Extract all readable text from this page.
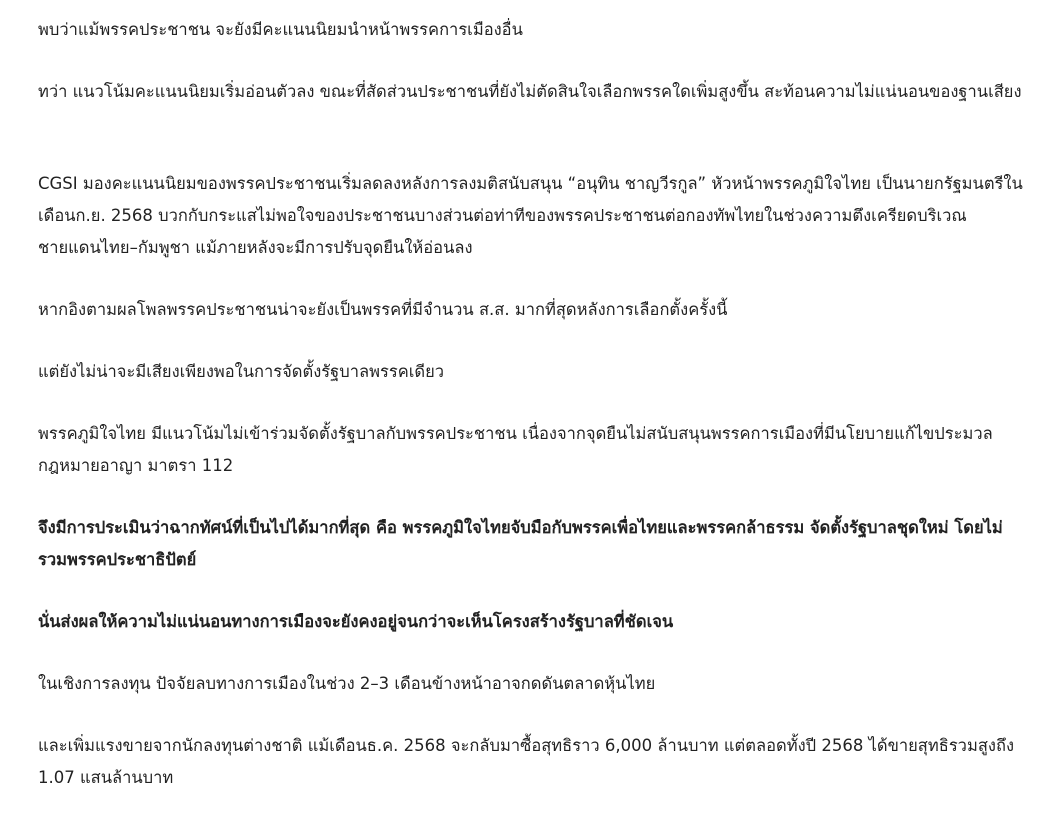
พบว่าแม้พรรคประชาชน จะยังมีคะแนนนิยมนำหน้าพรรคการเมืองอื่น

ทว่า แนวโน้มคะแนนนิยมเริ่มอ่อนตัวลง ขณะที่สัดส่วนประชาชนที่ยังไม่ตัดสินใจเลือกพรรคใดเพิ่มสูงขึ้น สะท้อนความไม่แน่นอนของฐานเสียง

CGSI มองคะแนนนิยมของพรรคประชาชนเริ่มลดลงหลังการลงมติสนับสนุน “อนุทิน ชาญวีรกูล” หัวหน้าพรรคภูมิใจไทย เป็นนายกรัฐมนตรีในเดือนก.ย. 2568 บวกกับกระแสไม่พอใจของประชาชนบางส่วนต่อท่าทีของพรรคประชาชนต่อกองทัพไทยในช่วงความตึงเครียดบริเวณชายแดนไทย–กัมพูชา แม้ภายหลังจะมีการปรับจุดยืนให้อ่อนลง

หากอิงตามผลโพลพรรคประชาชนน่าจะยังเป็นพรรคที่มีจำนวน ส.ส. มากที่สุดหลังการเลือกตั้งครั้งนี้

แต่ยังไม่น่าจะมีเสียงเพียงพอในการจัดตั้งรัฐบาลพรรคเดียว

พรรคภูมิใจไทย มีแนวโน้มไม่เข้าร่วมจัดตั้งรัฐบาลกับพรรคประชาชน เนื่องจากจุดยืนไม่สนับสนุนพรรคการเมืองที่มีนโยบายแก้ไขประมวลกฎหมายอาญา มาตรา 112

จึงมีการประเมินว่าฉากทัศน์ที่เป็นไปได้มากที่สุด คือ พรรคภูมิใจไทยจับมือกับพรรคเพื่อไทยและพรรคกล้าธรรม จัดตั้งรัฐบาลชุดใหม่ โดยไม่รวมพรรคประชาธิปัตย์

นั่นส่งผลให้ความไม่แน่นอนทางการเมืองจะยังคงอยู่จนกว่าจะเห็นโครงสร้างรัฐบาลที่ชัดเจน

ในเชิงการลงทุน ปัจจัยลบทางการเมืองในช่วง 2–3 เดือนข้างหน้าอาจกดดันตลาดหุ้นไทย

และเพิ่มแรงขายจากนักลงทุนต่างชาติ แม้เดือนธ.ค. 2568 จะกลับมาซื้อสุทธิราว 6,000 ล้านบาท แต่ตลอดทั้งปี 2568 ได้ขายสุทธิรวมสูงถึง 1.07 แสนล้านบาท
